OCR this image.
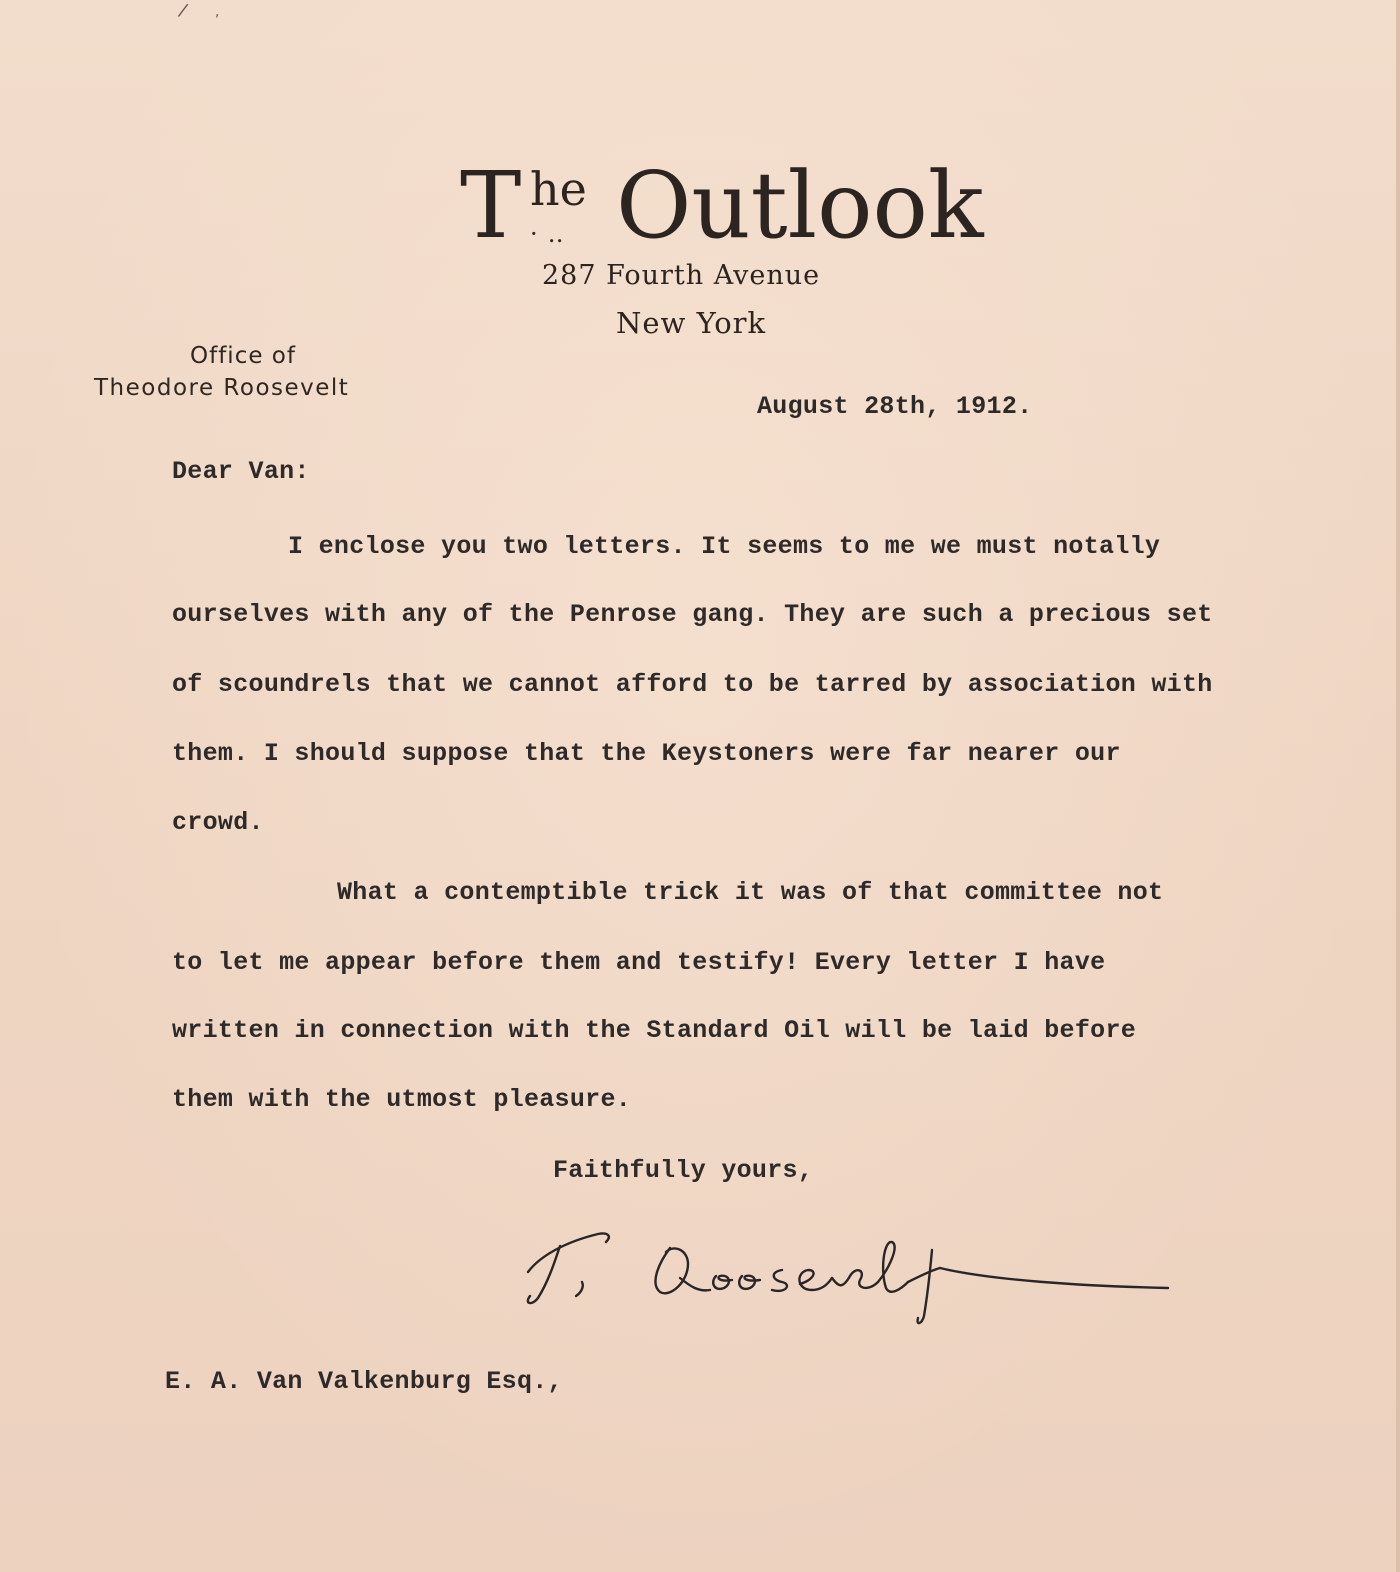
/ ,
T he
·‥ Outlook
287 Fourth Avenue
New York
Office of
Theodore Roosevelt
August 28th, 1912.
Dear Van:
I enclose you two letters. It seems to me we must notally
ourselves with any of the Penrose gang. They are such a precious set
of scoundrels that we cannot afford to be tarred by association with
them. I should suppose that the Keystoners were far nearer our
crowd.
What a contemptible trick it was of that committee not
to let me appear before them and testify! Every letter I have
written in connection with the Standard Oil will be laid before
them with the utmost pleasure.
Faithfully yours,
E. A. Van Valkenburg Esq.,
